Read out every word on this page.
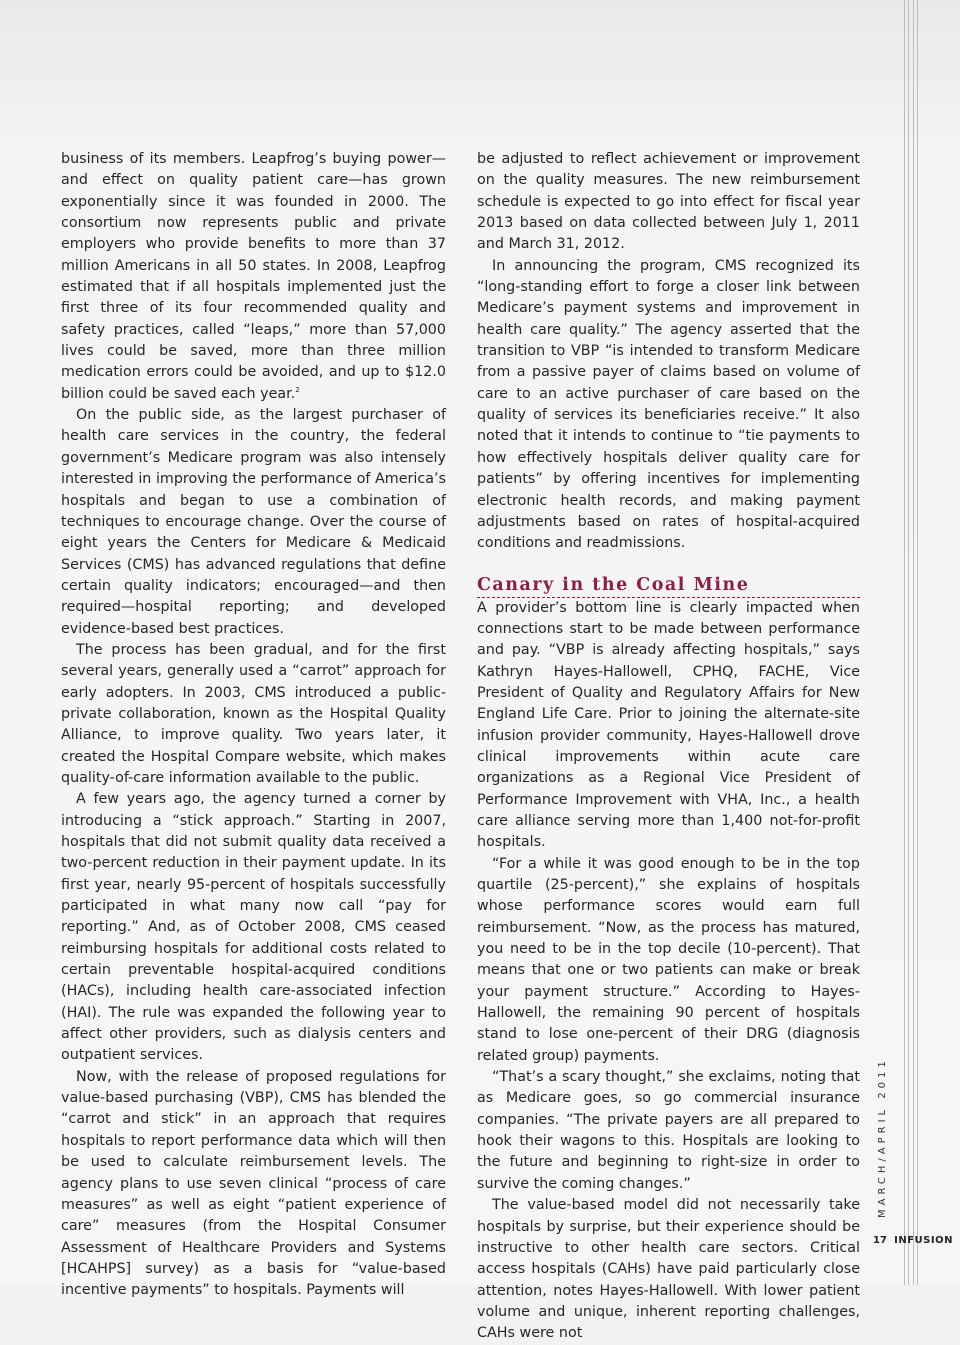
business of its members. Leapfrog’s buying power—and effect on quality patient care—has grown exponentially since it was founded in 2000. The consortium now represents public and private employers who provide benefits to more than 37 million Americans in all 50 states. In 2008, Leapfrog estimated that if all hospitals implemented just the first three of its four recommended quality and safety practices, called “leaps,” more than 57,000 lives could be saved, more than three million medication errors could be avoided, and up to $12.0 billion could be saved each year.$^2$

On the public side, as the largest purchaser of health care services in the country, the federal government’s Medicare program was also intensely interested in improving the performance of America’s hospitals and began to use a combination of techniques to encourage change. Over the course of eight years the Centers for Medicare & Medicaid Services (CMS) has advanced regulations that define certain quality indicators; encouraged—and then required—hospital reporting; and developed evidence-based best practices.

The process has been gradual, and for the first several years, generally used a “carrot” approach for early adopters. In 2003, CMS introduced a public-private collaboration, known as the Hospital Quality Alliance, to improve quality. Two years later, it created the Hospital Compare website, which makes quality-of-care information available to the public.

A few years ago, the agency turned a corner by introducing a “stick approach.” Starting in 2007, hospitals that did not submit quality data received a two-percent reduction in their payment update. In its first year, nearly 95-percent of hospitals successfully participated in what many now call “pay for reporting.” And, as of October 2008, CMS ceased reimbursing hospitals for additional costs related to certain preventable hospital-acquired conditions (HACs), including health care-associated infection (HAI). The rule was expanded the following year to affect other providers, such as dialysis centers and outpatient services.

Now, with the release of proposed regulations for value-based purchasing (VBP), CMS has blended the “carrot and stick” in an approach that requires hospitals to report performance data which will then be used to calculate reimbursement levels. The agency plans to use seven clinical “process of care measures” as well as eight “patient experience of care” measures (from the Hospital Consumer Assessment of Healthcare Providers and Systems [HCAHPS] survey) as a basis for “value-based incentive payments” to hospitals. Payments will

be adjusted to reflect achievement or improvement on the quality measures. The new reimbursement schedule is expected to go into effect for fiscal year 2013 based on data collected between July 1, 2011 and March 31, 2012.

In announcing the program, CMS recognized its “long-standing effort to forge a closer link between Medicare’s payment systems and improvement in health care quality.” The agency asserted that the transition to VBP “is intended to transform Medicare from a passive payer of claims based on volume of care to an active purchaser of care based on the quality of services its beneficiaries receive.” It also noted that it intends to continue to “tie payments to how effectively hospitals deliver quality care for patients” by offering incentives for implementing electronic health records, and making payment adjustments based on rates of hospital-acquired conditions and readmissions.

Canary in the Coal Mine

A provider’s bottom line is clearly impacted when connections start to be made between performance and pay. “VBP is already affecting hospitals,” says Kathryn Hayes-Hallowell, CPHQ, FACHE, Vice President of Quality and Regulatory Affairs for New England Life Care. Prior to joining the alternate-site infusion provider community, Hayes-Hallowell drove clinical improvements within acute care organizations as a Regional Vice President of Performance Improvement with VHA, Inc., a health care alliance serving more than 1,400 not-for-profit hospitals.

“For a while it was good enough to be in the top quartile (25-percent),” she explains of hospitals whose performance scores would earn full reimbursement. “Now, as the process has matured, you need to be in the top decile (10-percent). That means that one or two patients can make or break your payment structure.” According to Hayes-Hallowell, the remaining 90 percent of hospitals stand to lose one-percent of their DRG (diagnosis related group) payments.

“That’s a scary thought,” she exclaims, noting that as Medicare goes, so go commercial insurance companies. “The private payers are all prepared to hook their wagons to this. Hospitals are looking to the future and beginning to right-size in order to survive the coming changes.”

The value-based model did not necessarily take hospitals by surprise, but their experience should be instructive to other health care sectors. Critical access hospitals (CAHs) have paid particularly close attention, notes Hayes-Hallowell. With lower patient volume and unique, inherent reporting challenges, CAHs were not

MARCH/APRIL 2011
17 INFUSION
